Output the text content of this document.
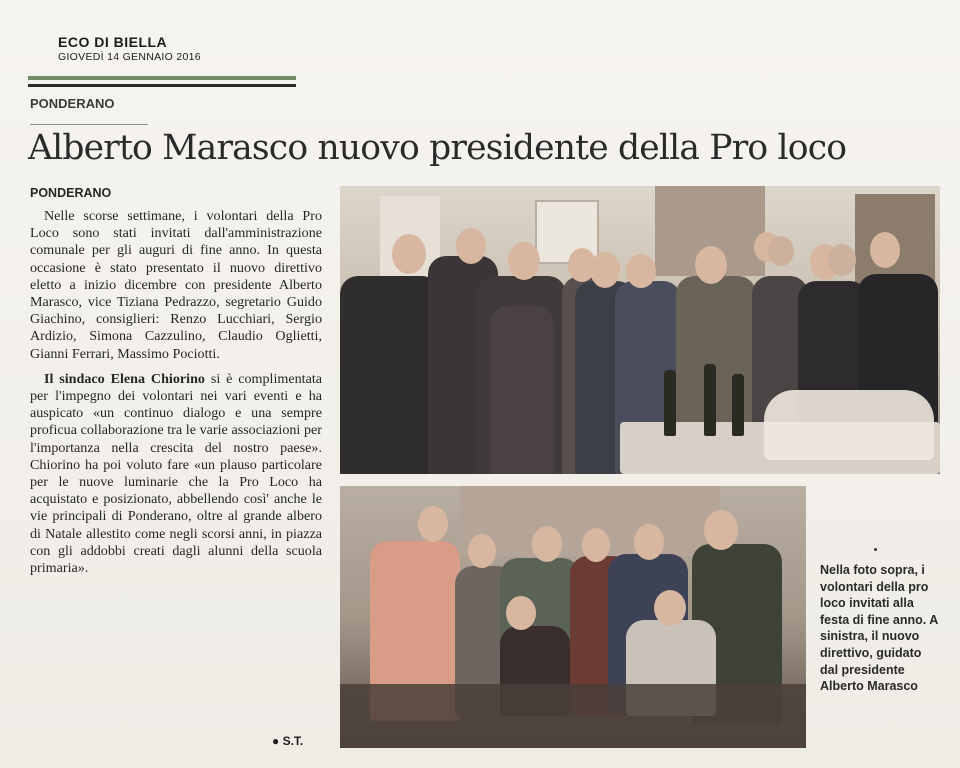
ECO DI BIELLA
GIOVEDÌ 14 GENNAIO 2016
PONDERANO
Alberto Marasco nuovo presidente della Pro loco

PONDERANO

Nelle scorse settimane, i volontari della Pro Loco sono stati invitati dall'amministrazione comunale per gli auguri di fine anno. In questa occasione è stato presentato il nuovo direttivo eletto a inizio dicembre con presidente Alberto Marasco, vice Tiziana Pedrazzo, segretario Guido Giachino, consiglieri: Renzo Lucchiari, Sergio Ardizio, Simona Cazzulino, Claudio Oglietti, Gianni Ferrari, Massimo Pociotti.

Il sindaco Elena Chiorino si è complimentata per l'impegno dei volontari nei vari eventi e ha auspicato «un continuo dialogo e una sempre proficua collaborazione tra le varie associazioni per l'importanza nella crescita del nostro paese». Chiorino ha poi voluto fare «un plauso particolare per le nuove luminarie che la Pro Loco ha acquistato e posizionato, abbellendo così' anche le vie principali di Ponderano, oltre al grande albero di Natale allestito come negli scorsi anni, in piazza con gli addobbi creati dagli alunni della scuola primaria».

● S.T.
Nella foto sopra, i volontari della pro loco invitati alla festa di fine anno. A sinistra, il nuovo direttivo, guidato dal presidente Alberto Marasco
